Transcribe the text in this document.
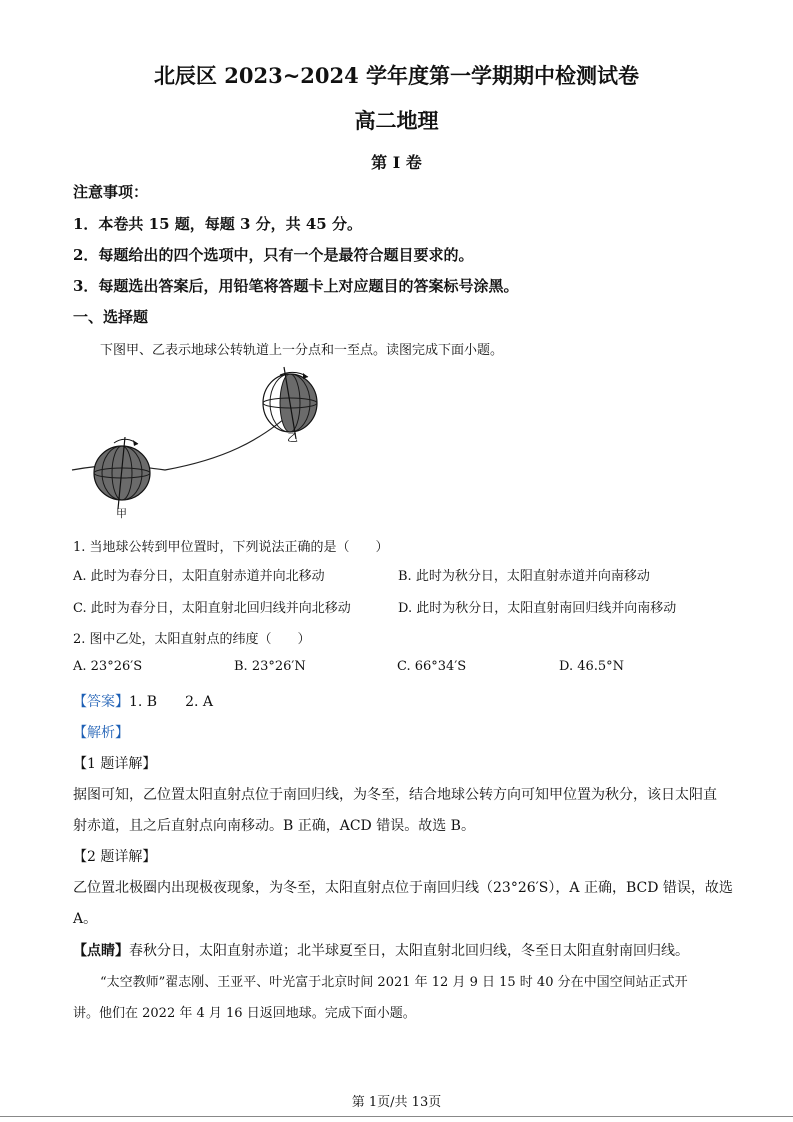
北辰区 2023~2024 学年度第一学期期中检测试卷
高二地理
第 I 卷
注意事项：
1．本卷共 15 题，每题 3 分，共 45 分。
2．每题给出的四个选项中，只有一个是最符合题目要求的。
3．每题选出答案后，用铅笔将答题卡上对应题目的答案标号涂黑。
一、选择题
下图甲、乙表示地球公转轨道上一分点和一至点。读图完成下面小题。
甲
乙
1. 当地球公转到甲位置时，下列说法正确的是（　　）
A. 此时为春分日，太阳直射赤道并向北移动	B. 此时为秋分日，太阳直射赤道并向南移动
C. 此时为春分日，太阳直射北回归线并向北移动	D. 此时为秋分日，太阳直射南回归线并向南移动
2. 图中乙处，太阳直射点的纬度（　　）
A. 23°26′S	B. 23°26′N	C. 66°34′S	D. 46.5°N
【答案】1. B　　2. A
【解析】
【1 题详解】
据图可知，乙位置太阳直射点位于南回归线，为冬至，结合地球公转方向可知甲位置为秋分，该日太阳直
射赤道，且之后直射点向南移动。B 正确，ACD 错误。故选 B。
【2 题详解】
乙位置北极圈内出现极夜现象，为冬至，太阳直射点位于南回归线（23°26′S），A 正确，BCD 错误，故选
A。
【点睛】春秋分日，太阳直射赤道；北半球夏至日，太阳直射北回归线，冬至日太阳直射南回归线。
“太空教师”翟志刚、王亚平、叶光富于北京时间 2021 年 12 月 9 日 15 时 40 分在中国空间站正式开
讲。他们在 2022 年 4 月 16 日返回地球。完成下面小题。
第 1页/共 13页
